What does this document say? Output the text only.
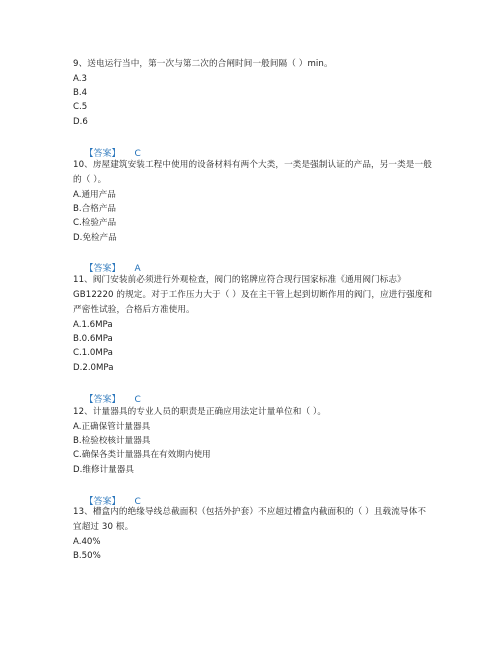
9、送电运行当中，第一次与第二次的合闸时间一般间隔（ ）min。

A.3

B.4

C.5

D.6

【答案】 C

10、房屋建筑安装工程中使用的设备材料有两个大类，一类是强制认证的产品，另一类是一般的（ ）。

A.通用产品

B.合格产品

C.检验产品

D.免检产品

【答案】 A

11、阀门安装前必须进行外观检查，阀门的铭牌应符合现行国家标准《通用阀门标志》GB12220 的规定。对于工作压力大于（ ）及在主干管上起到切断作用的阀门，应进行强度和严密性试验，合格后方准使用。

A.1.6MPa

B.0.6MPa

C.1.0MPa

D.2.0MPa

【答案】 C

12、计量器具的专业人员的职责是正确应用法定计量单位和（ ）。

A.正确保管计量器具

B.检验校核计量器具

C.确保各类计量器具在有效期内使用

D.维修计量器具

【答案】 C

13、槽盒内的绝缘导线总截面积（包括外护套）不应超过槽盒内截面积的（ ）且载流导体不宜超过 30 根。

A.40%

B.50%
